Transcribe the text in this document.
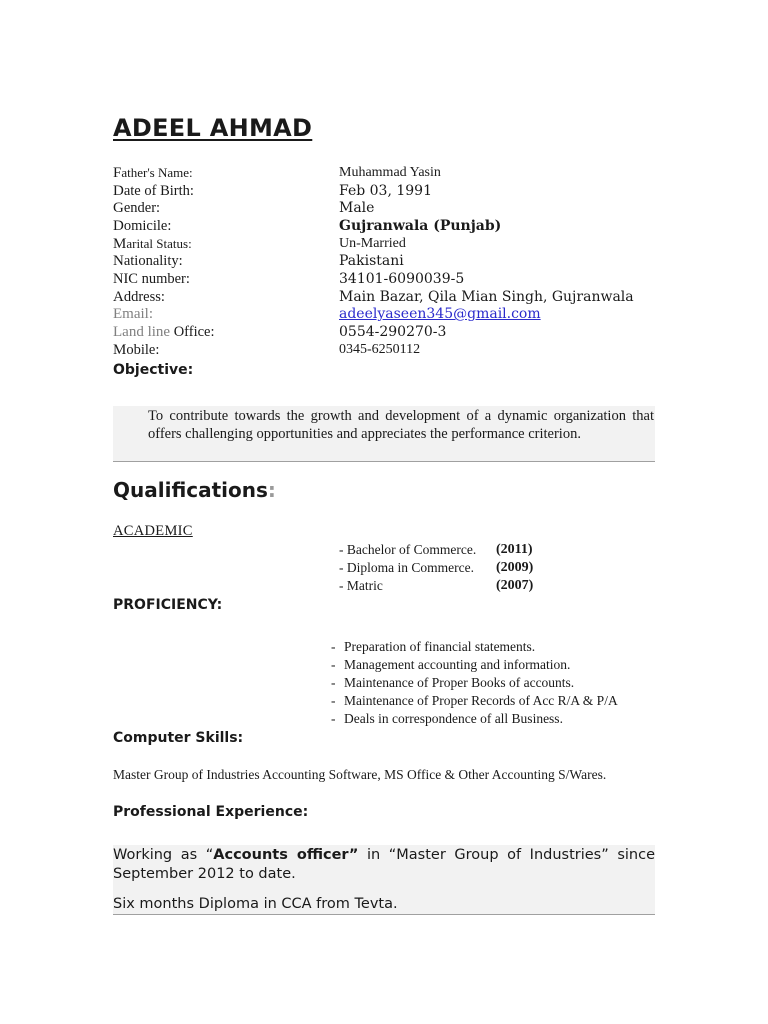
ADEEL AHMAD
Father's Name:	Muhammad Yasin
Date of Birth:	Feb 03, 1991
Gender:	Male
Domicile:	Gujranwala (Punjab)
Marital Status:	Un-Married
Nationality:	Pakistani
NIC number:	34101-6090039-5
Address:	Main Bazar, Qila Mian Singh, Gujranwala
Email:	adeelyaseen345@gmail.com
Land line Office:	0554-290270-3
Mobile:	0345-6250112
Objective:
To contribute towards the growth and development of a dynamic organization that offers challenging opportunities and appreciates the performance criterion.
Qualifications:
ACADEMIC
- Bachelor of Commerce. (2011)
- Diploma in Commerce. (2009)
- Matric	(2007)
PROFICIENCY:
- Preparation of financial statements.
- Management accounting and information.
- Maintenance of Proper Books of accounts.
- Maintenance of Proper Records of Acc R/A & P/A
- Deals in correspondence of all Business.
Computer Skills:
Master Group of Industries Accounting Software, MS Office & Other Accounting S/Wares.
Professional Experience:
Working as “Accounts officer” in “Master Group of Industries” since September 2012 to date.
Six months Diploma in CCA from Tevta.
